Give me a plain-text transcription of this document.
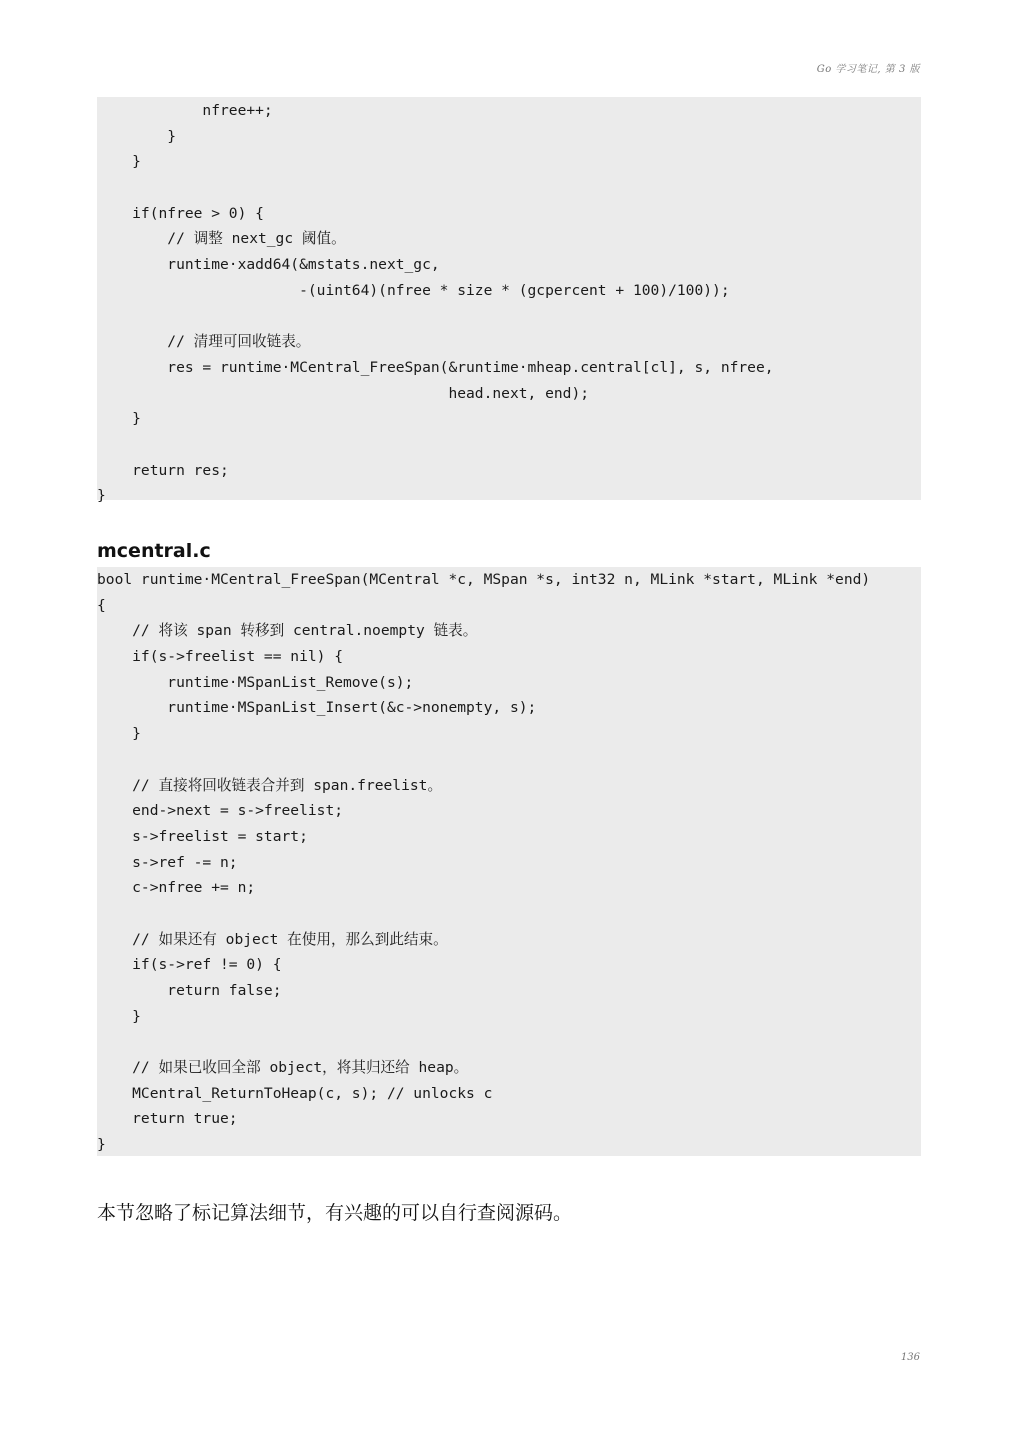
Go 学习笔记, 第 3 版
nfree++;
}
}

if(nfree > 0) {
// 调整 next_gc 阈值。
runtime·xadd64(&mstats.next_gc,
-(uint64)(nfree * size * (gcpercent + 100)/100));

// 清理可回收链表。
res = runtime·MCentral_FreeSpan(&runtime·mheap.central[cl], s, nfree,
head.next, end);
}

return res;
}
mcentral.c
bool runtime·MCentral_FreeSpan(MCentral *c, MSpan *s, int32 n, MLink *start, MLink *end)
{
// 将该 span 转移到 central.noempty 链表。
if(s->freelist == nil) {
runtime·MSpanList_Remove(s);
runtime·MSpanList_Insert(&c->nonempty, s);
}

// 直接将回收链表合并到 span.freelist。
end->next = s->freelist;
s->freelist = start;
s->ref -= n;
c->nfree += n;

// 如果还有 object 在使用，那么到此结束。
if(s->ref != 0) {
return false;
}

// 如果已收回全部 object，将其归还给 heap。
MCentral_ReturnToHeap(c, s); // unlocks c
return true;
}

本节忽略了标记算法细节，有兴趣的可以自行查阅源码。

136
